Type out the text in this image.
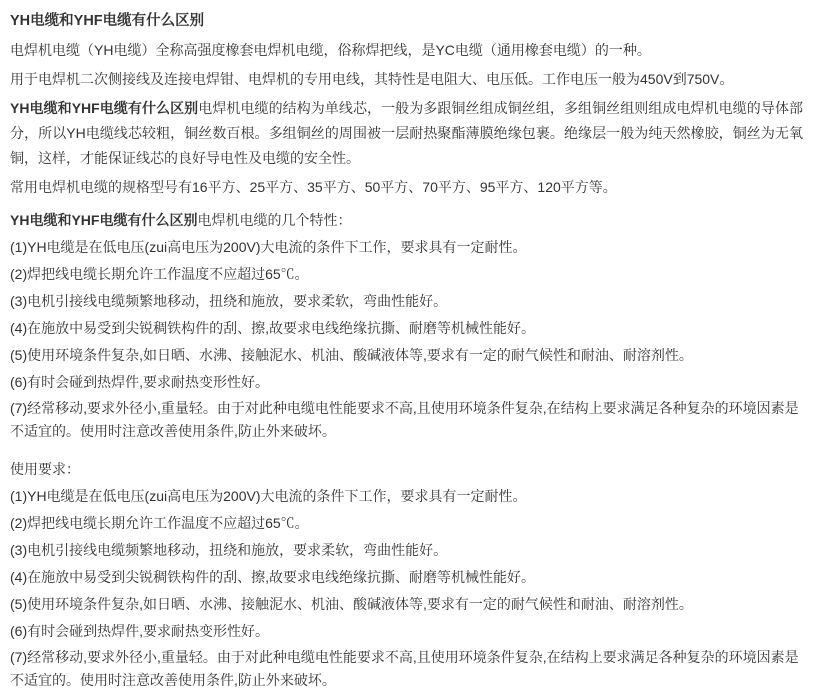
YH电缆和YHF电缆有什么区别

电焊机电缆（YH电缆）全称高强度橡套电焊机电缆，俗称焊把线，是YC电缆（通用橡套电缆）的一种。

用于电焊机二次侧接线及连接电焊钳、电焊机的专用电线，其特性是电阻大、电压低。工作电压一般为450V到750V。

YH电缆和YHF电缆有什么区别电焊机电缆的结构为单线芯，一般为多跟铜丝组成铜丝组，多组铜丝组则组成电焊机电缆的导体部分，所以YH电缆线芯较粗，铜丝数百根。多组铜丝的周围被一层耐热聚酯薄膜绝缘包裹。绝缘层一般为纯天然橡胶，铜丝为无氧铜，这样，才能保证线芯的良好导电性及电缆的安全性。

常用电焊机电缆的规格型号有16平方、25平方、35平方、50平方、70平方、95平方、120平方等。

YH电缆和YHF电缆有什么区别电焊机电缆的几个特性：

(1)YH电缆是在低电压(zui高电压为200V)大电流的条件下工作，要求具有一定耐性。

(2)焊把线电缆长期允许工作温度不应超过65℃。

(3)电机引接线电缆频繁地移动，扭绕和施放，要求柔软，弯曲性能好。

(4)在施放中易受到尖锐稠铁构件的刮、擦,故要求电线绝缘抗撕、耐磨等机械性能好。

(5)使用环境条件复杂,如日晒、水沸、接触泥水、机油、酸碱液体等,要求有一定的耐气候性和耐油、耐溶剂性。

(6)有时会碰到热焊件,要求耐热变形性好。

(7)经常移动,要求外径小,重量轻。由于对此种电缆电性能要求不高,且使用环境条件复杂,在结构上要求满足各种复杂的环境因素是不适宜的。使用时注意改善使用条件,防止外来破坏。

使用要求：

(1)YH电缆是在低电压(zui高电压为200V)大电流的条件下工作，要求具有一定耐性。

(2)焊把线电缆长期允许工作温度不应超过65℃。

(3)电机引接线电缆频繁地移动，扭绕和施放，要求柔软，弯曲性能好。

(4)在施放中易受到尖锐稠铁构件的刮、擦,故要求电线绝缘抗撕、耐磨等机械性能好。

(5)使用环境条件复杂,如日晒、水沸、接触泥水、机油、酸碱液体等,要求有一定的耐气候性和耐油、耐溶剂性。

(6)有时会碰到热焊件,要求耐热变形性好。

(7)经常移动,要求外径小,重量轻。由于对此种电缆电性能要求不高,且使用环境条件复杂,在结构上要求满足各种复杂的环境因素是不适宜的。使用时注意改善使用条件,防止外来破坏。
